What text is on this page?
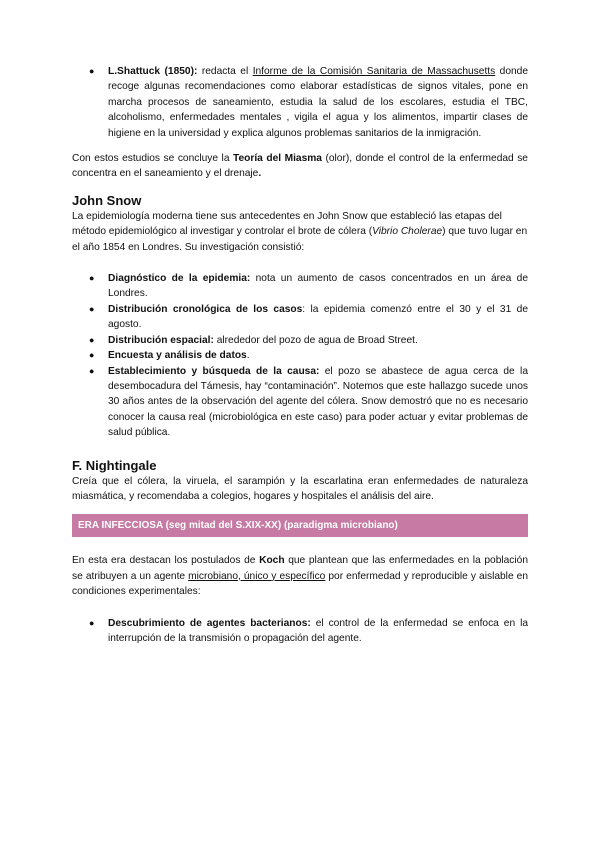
● L.Shattuck (1850): redacta el Informe de la Comisión Sanitaria de Massachusetts donde recoge algunas recomendaciones como elaborar estadísticas de signos vitales, pone en marcha procesos de saneamiento, estudia la salud de los escolares, estudia el TBC, alcoholismo, enfermedades mentales , vigila el agua y los alimentos, impartir clases de higiene en la universidad y explica algunos problemas sanitarios de la inmigración.

Con estos estudios se concluye la Teoría del Miasma (olor), donde el control de la enfermedad se concentra en el saneamiento y el drenaje.

John Snow

La epidemiología moderna tiene sus antecedentes en John Snow que estableció las etapas del método epidemiológico al investigar y controlar el brote de cólera (Vibrio Cholerae) que tuvo lugar en el año 1854 en Londres. Su investigación consistió:

● Diagnóstico de la epidemia: nota un aumento de casos concentrados en un área de Londres.
● Distribución cronológica de los casos: la epidemia comenzó entre el 30 y el 31 de agosto.
● Distribución espacial: alrededor del pozo de agua de Broad Street.
● Encuesta y análisis de datos.
● Establecimiento y búsqueda de la causa: el pozo se abastece de agua cerca de la desembocadura del Támesis, hay “contaminación”. Notemos que este hallazgo sucede unos 30 años antes de la observación del agente del cólera. Snow demostró que no es necesario conocer la causa real (microbiológica en este caso) para poder actuar y evitar problemas de salud pública.
F. Nightingale

Creía que el cólera, la viruela, el sarampión y la escarlatina eran enfermedades de naturaleza miasmática, y recomendaba a colegios, hogares y hospitales el análisis del aire.

ERA INFECCIOSA (seg mitad del S.XIX-XX) (paradigma microbiano)

En esta era destacan los postulados de Koch que plantean que las enfermedades en la población se atribuyen a un agente microbiano, único y específico por enfermedad y reproducible y aislable en condiciones experimentales:

● Descubrimiento de agentes bacterianos: el control de la enfermedad se enfoca en la interrupción de la transmisión o propagación del agente.
